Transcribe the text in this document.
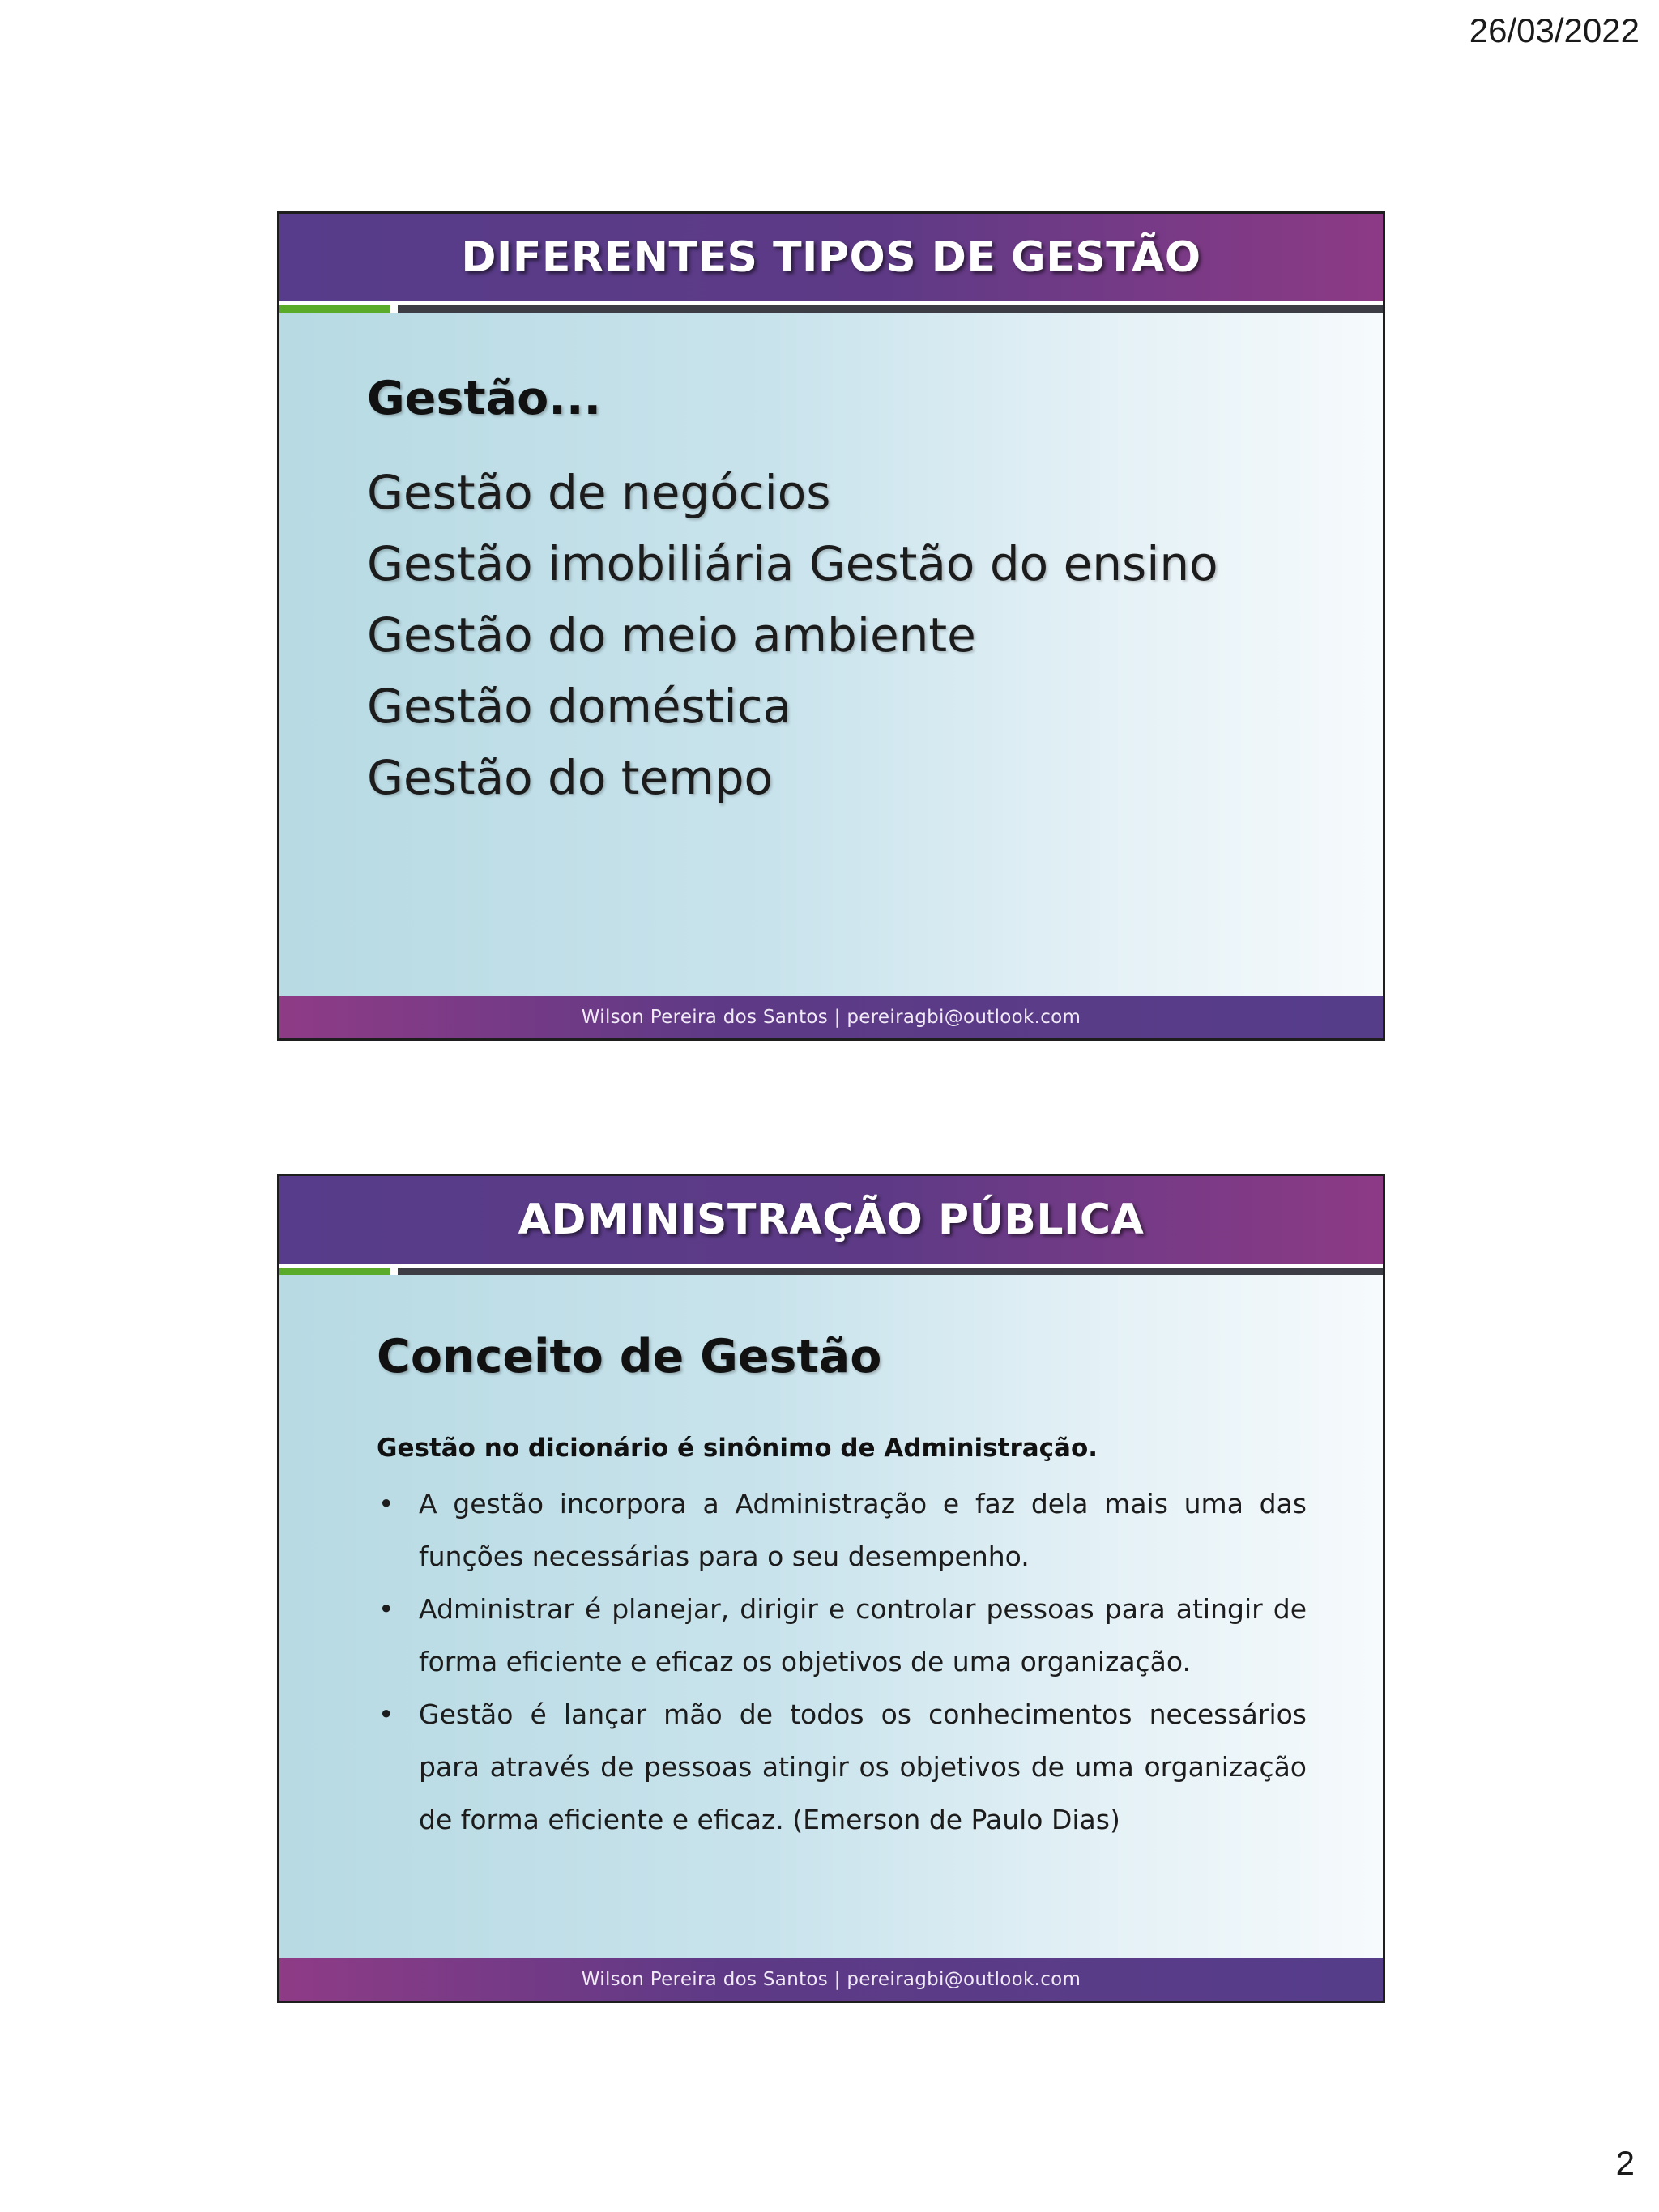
26/03/2022
DIFERENTES TIPOS DE GESTÃO
Gestão...
Gestão de negócios
Gestão imobiliária Gestão do ensino
Gestão do meio ambiente
Gestão doméstica
Gestão do tempo
Wilson Pereira dos Santos | pereiragbi@outlook.com
ADMINISTRAÇÃO PÚBLICA
Conceito de Gestão
Gestão no dicionário é sinônimo de Administração.
• A gestão incorpora a Administração e faz dela mais uma das funções necessárias para o seu desempenho.
• Administrar é planejar, dirigir e controlar pessoas para atingir de forma eficiente e eficaz os objetivos de uma organização.
• Gestão é lançar mão de todos os conhecimentos necessários para através de pessoas atingir os objetivos de uma organização de forma eficiente e eficaz. (Emerson de Paulo Dias)
Wilson Pereira dos Santos | pereiragbi@outlook.com
2
